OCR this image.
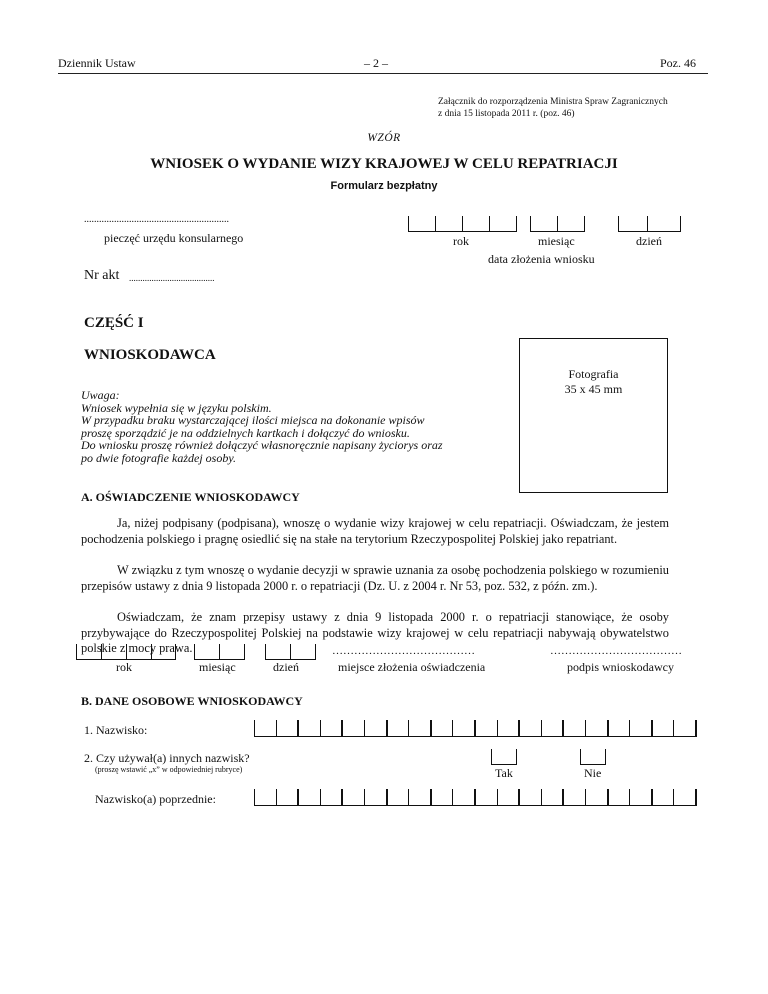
Dziennik Ustaw	– 2 –	Poz. 46
Załącznik do rozporządzenia Ministra Spraw Zagranicznych
z dnia 15 listopada 2011 r. (poz. 46)
WZÓR
WNIOSEK O WYDANIE WIZY KRAJOWEJ W CELU REPATRIACJI
Formularz bezpłatny
..........................................................
pieczęć urzędu konsularnego	rok	miesiąc	dzień
data złożenia wniosku
Nr akt ......................................
CZĘŚĆ I
WNIOSKODAWCA
Fotografia
35 x 45 mm
Uwaga:
Wniosek wypełnia się w języku polskim.
W przypadku braku wystarczającej ilości miejsca na dokonanie wpisów
proszę sporządzić je na oddzielnych kartkach i dołączyć do wniosku.
Do wniosku proszę również dołączyć własnoręcznie napisany życiorys oraz
po dwie fotografie każdej osoby.
A. OŚWIADCZENIE WNIOSKODAWCY
Ja, niżej podpisany (podpisana), wnoszę o wydanie wizy krajowej w celu repatriacji. Oświadczam, że jestem pochodzenia polskiego i pragnę osiedlić się na stałe na terytorium Rzeczypospolitej Polskiej jako repatriant.
W związku z tym wnoszę o wydanie decyzji w sprawie uznania za osobę pochodzenia polskiego w rozumieniu przepisów ustawy z dnia 9 listopada 2000 r. o repatriacji (Dz. U. z 2004 r. Nr 53, poz. 532, z późn. zm.).
Oświadczam, że znam przepisy ustawy z dnia 9 listopada 2000 r. o repatriacji stanowiące, że osoby przybywające do Rzeczypospolitej Polskiej na podstawie wizy krajowej w celu repatriacji nabywają obywatelstwo polskie z mocy prawa.
rok	miesiąc	dzień
…………………………………
miejsce złożenia oświadczenia
………………………………
podpis wnioskodawcy
B. DANE OSOBOWE WNIOSKODAWCY
1. Nazwisko:
2. Czy używał(a) innych nazwisk?
(proszę wstawić „x” w odpowiedniej rubryce)	Tak	Nie
Nazwisko(a) poprzednie:
